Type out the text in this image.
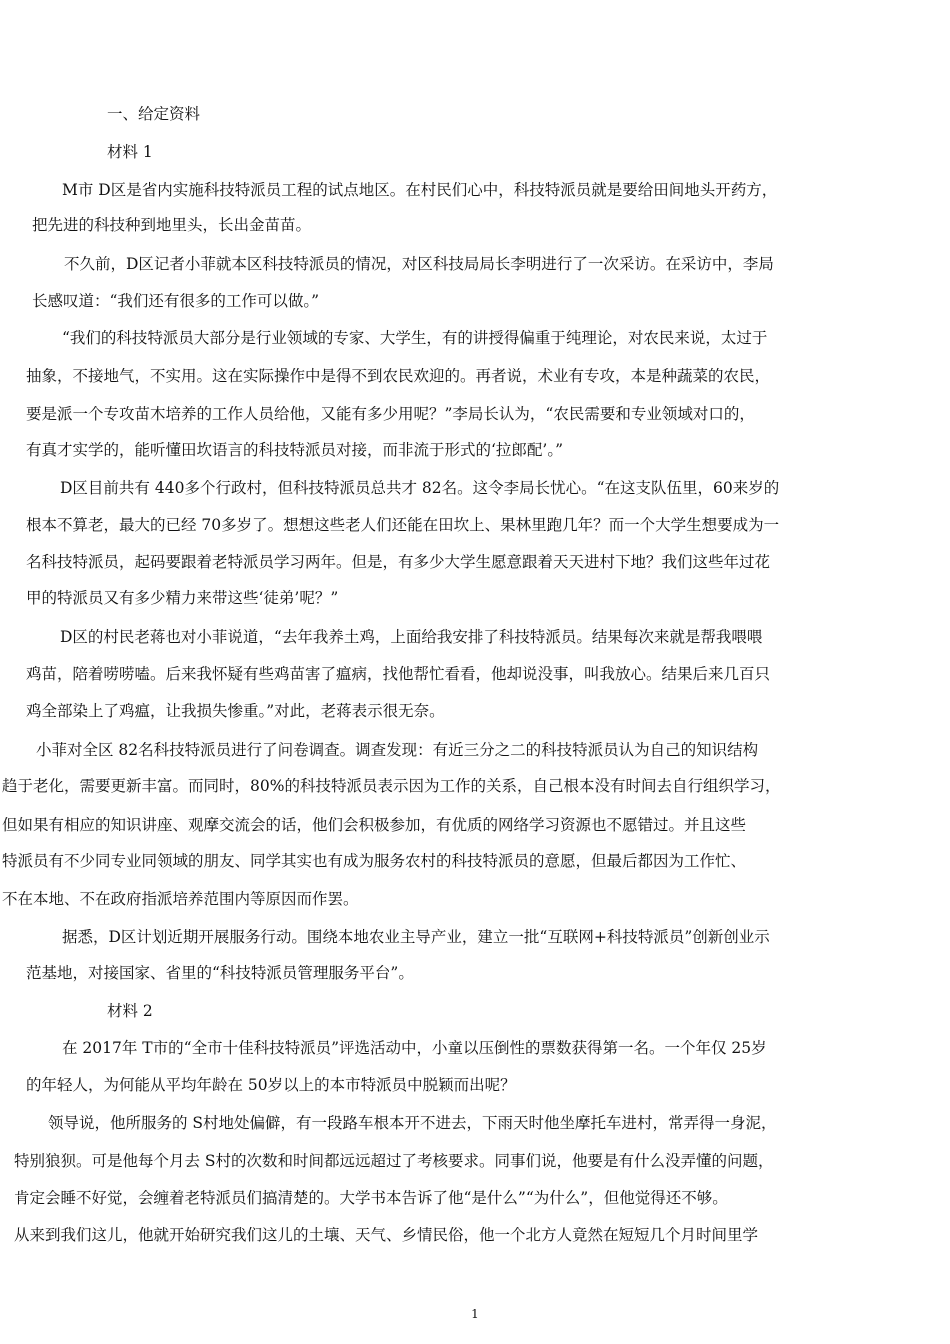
一、给定资料
材料 1
M市 D区是省内实施科技特派员工程的试点地区。在村民们心中，科技特派员就是要给田间地头开药方，
把先进的科技种到地里头，长出金苗苗。
不久前，D区记者小菲就本区科技特派员的情况，对区科技局局长李明进行了一次采访。在采访中，李局
长感叹道：“我们还有很多的工作可以做。”
“我们的科技特派员大部分是行业领域的专家、大学生，有的讲授得偏重于纯理论，对农民来说，太过于
抽象，不接地气，不实用。这在实际操作中是得不到农民欢迎的。再者说，术业有专攻，本是种蔬菜的农民，
要是派一个专攻苗木培养的工作人员给他，又能有多少用呢？”李局长认为，“农民需要和专业领域对口的，
有真才实学的，能听懂田坎语言的科技特派员对接，而非流于形式的‘拉郎配’。”
D区目前共有 440多个行政村，但科技特派员总共才 82名。这令李局长忧心。“在这支队伍里，60来岁的
根本不算老，最大的已经 70多岁了。想想这些老人们还能在田坎上、果林里跑几年？而一个大学生想要成为一
名科技特派员，起码要跟着老特派员学习两年。但是，有多少大学生愿意跟着天天进村下地？我们这些年过花
甲的特派员又有多少精力来带这些‘徒弟’呢？”
D区的村民老蒋也对小菲说道，“去年我养土鸡，上面给我安排了科技特派员。结果每次来就是帮我喂喂
鸡苗，陪着唠唠嗑。后来我怀疑有些鸡苗害了瘟病，找他帮忙看看，他却说没事，叫我放心。结果后来几百只
鸡全部染上了鸡瘟，让我损失惨重。”对此，老蒋表示很无奈。
小菲对全区 82名科技特派员进行了问卷调查。调查发现：有近三分之二的科技特派员认为自己的知识结构
趋于老化，需要更新丰富。而同时，80%的科技特派员表示因为工作的关系，自己根本没有时间去自行组织学习，
但如果有相应的知识讲座、观摩交流会的话，他们会积极参加，有优质的网络学习资源也不愿错过。并且这些
特派员有不少同专业同领域的朋友、同学其实也有成为服务农村的科技特派员的意愿，但最后都因为工作忙、
不在本地、不在政府指派培养范围内等原因而作罢。
据悉，D区计划近期开展服务行动。围绕本地农业主导产业，建立一批“互联网+科技特派员”创新创业示
范基地，对接国家、省里的“科技特派员管理服务平台”。
材料 2
在 2017年 T市的“全市十佳科技特派员”评选活动中，小童以压倒性的票数获得第一名。一个年仅 25岁
的年轻人，为何能从平均年龄在 50岁以上的本市特派员中脱颖而出呢？
领导说，他所服务的 S村地处偏僻，有一段路车根本开不进去，下雨天时他坐摩托车进村，常弄得一身泥，
特别狼狈。可是他每个月去 S村的次数和时间都远远超过了考核要求。同事们说，他要是有什么没弄懂的问题，
肯定会睡不好觉，会缠着老特派员们搞清楚的。大学书本告诉了他“是什么”“为什么”，但他觉得还不够。
从来到我们这儿，他就开始研究我们这儿的土壤、天气、乡情民俗，他一个北方人竟然在短短几个月时间里学
1
